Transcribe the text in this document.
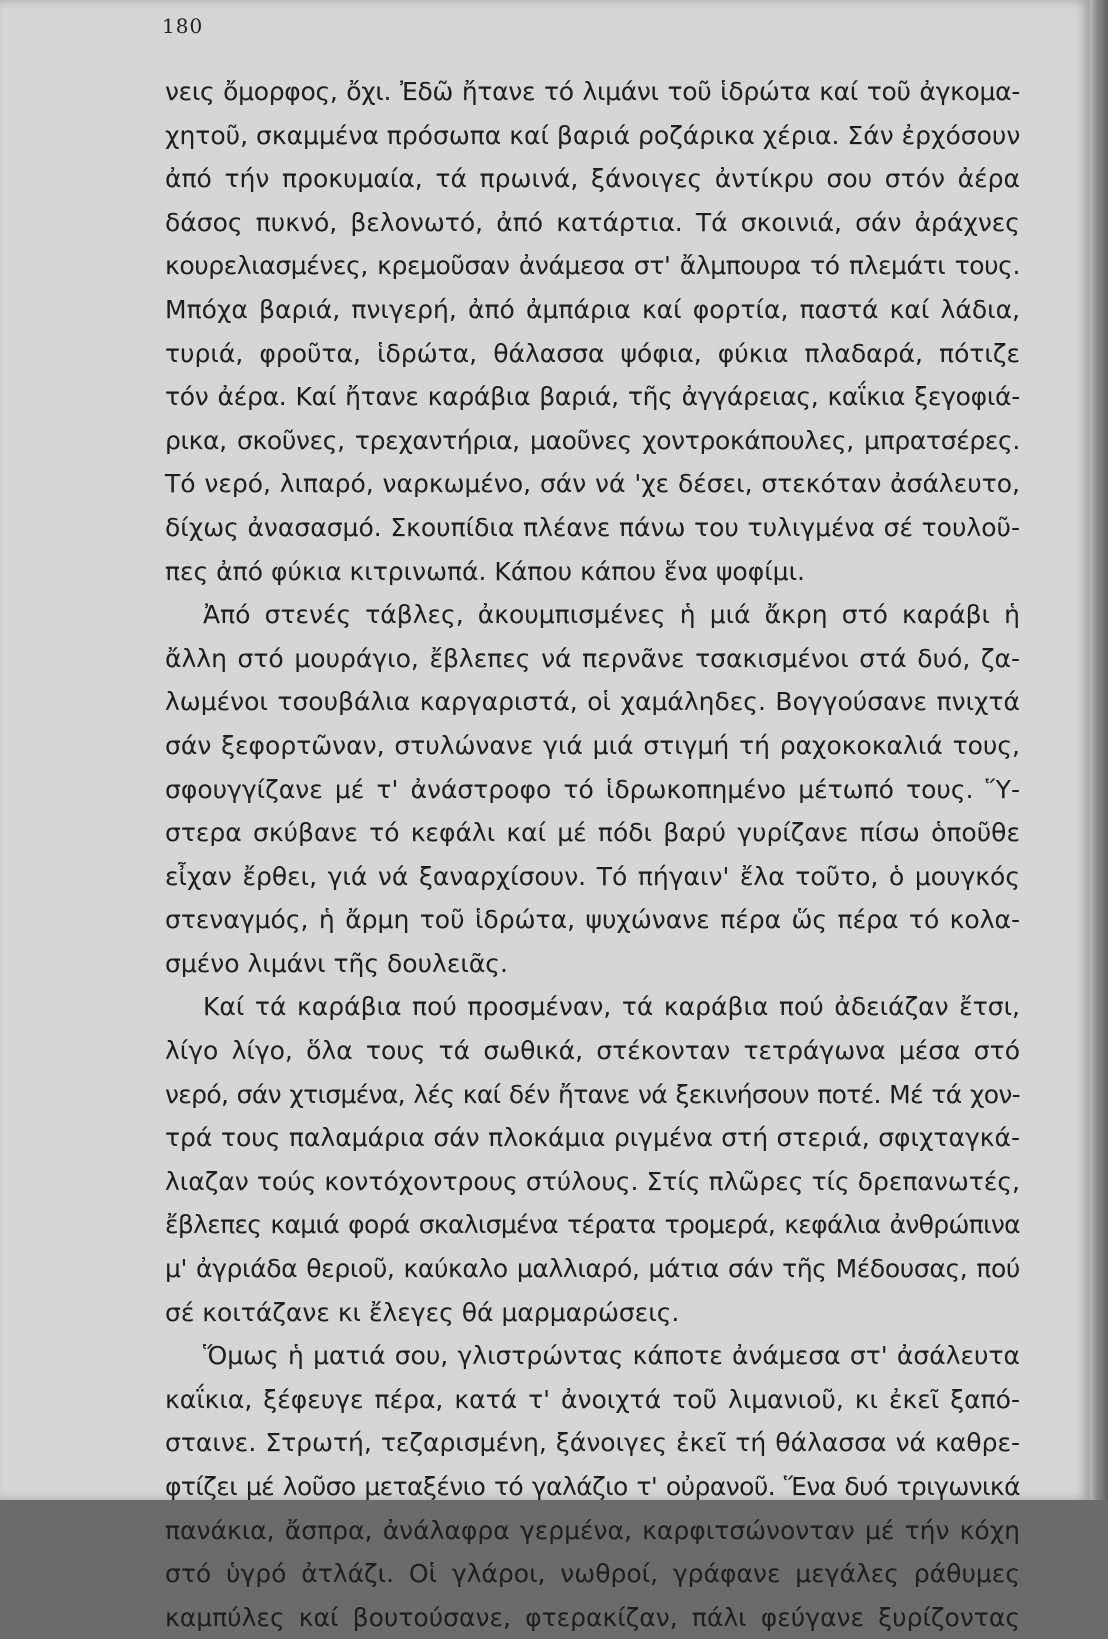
180
νεις ὄμορφος, ὄχι. Ἐδῶ ἤτανε τό λιμάνι τοῦ ἱδρώτα καί τοῦ ἀγκομα-
χητοῦ, σκαμμένα πρόσωπα καί βαριά ροζάρικα χέρια. Σάν ἐρχόσουν
ἀπό τήν προκυμαία, τά πρωινά, ξάνοιγες ἀντίκρυ σου στόν ἀέρα
δάσος πυκνό, βελονωτό, ἀπό κατάρτια. Τά σκοινιά, σάν ἀράχνες
κουρελιασμένες, κρεμοῦσαν ἀνάμεσα στ' ἄλμπουρα τό πλεμάτι τους.
Μπόχα βαριά, πνιγερή, ἀπό ἀμπάρια καί φορτία, παστά καί λάδια,
τυριά, φροῦτα, ἱδρώτα, θάλασσα ψόφια, φύκια πλαδαρά, πότιζε
τόν ἀέρα. Καί ἤτανε καράβια βαριά, τῆς ἀγγάρειας, καΐκια ξεγοφιά-
ρικα, σκοῦνες, τρεχαντήρια, μαοῦνες χοντροκάπουλες, μπρατσέρες.
Τό νερό, λιπαρό, ναρκωμένο, σάν νά 'χε δέσει, στεκόταν ἀσάλευτο,
δίχως ἀνασασμό. Σκουπίδια πλέανε πάνω του τυλιγμένα σέ τουλοῦ-
πες ἀπό φύκια κιτρινωπά. Κάπου κάπου ἕνα ψοφίμι.
Ἀπό στενές τάβλες, ἀκουμπισμένες ἡ μιά ἄκρη στό καράβι ἡ
ἄλλη στό μουράγιο, ἔβλεπες νά περνᾶνε τσακισμένοι στά δυό, ζα-
λωμένοι τσουβάλια καργαριστά, οἱ χαμάληδες. Βογγούσανε πνιχτά
σάν ξεφορτῶναν, στυλώνανε γιά μιά στιγμή τή ραχοκοκαλιά τους,
σφουγγίζανε μέ τ' ἀνάστροφο τό ἱδρωκοπημένο μέτωπό τους. Ὕ-
στερα σκύβανε τό κεφάλι καί μέ πόδι βαρύ γυρίζανε πίσω ὁποῦθε
εἶχαν ἔρθει, γιά νά ξαναρχίσουν. Τό πήγαιν' ἔλα τοῦτο, ὁ μουγκός
στεναγμός, ἡ ἄρμη τοῦ ἱδρώτα, ψυχώνανε πέρα ὥς πέρα τό κολα-
σμένο λιμάνι τῆς δουλειᾶς.
Καί τά καράβια πού προσμέναν, τά καράβια πού ἀδειάζαν ἔτσι,
λίγο λίγο, ὅλα τους τά σωθικά, στέκονταν τετράγωνα μέσα στό
νερό, σάν χτισμένα, λές καί δέν ἤτανε νά ξεκινήσουν ποτέ. Μέ τά χον-
τρά τους παλαμάρια σάν πλοκάμια ριγμένα στή στεριά, σφιχταγκά-
λιαζαν τούς κοντόχοντρους στύλους. Στίς πλῶρες τίς δρεπανωτές,
ἔβλεπες καμιά φορά σκαλισμένα τέρατα τρομερά, κεφάλια ἀνθρώπινα
μ' ἀγριάδα θεριοῦ, καύκαλο μαλλιαρό, μάτια σάν τῆς Μέδουσας, πού
σέ κοιτάζανε κι ἔλεγες θά μαρμαρώσεις.
Ὅμως ἡ ματιά σου, γλιστρώντας κάποτε ἀνάμεσα στ' ἀσάλευτα
καΐκια, ξέφευγε πέρα, κατά τ' ἀνοιχτά τοῦ λιμανιοῦ, κι ἐκεῖ ξαπό-
σταινε. Στρωτή, τεζαρισμένη, ξάνοιγες ἐκεῖ τή θάλασσα νά καθρε-
φτίζει μέ λοῦσο μεταξένιο τό γαλάζιο τ' οὐρανοῦ. Ἕνα δυό τριγωνικά
πανάκια, ἄσπρα, ἀνάλαφρα γερμένα, καρφιτσώνονταν μέ τήν κόχη
στό ὑγρό ἀτλάζι. Οἱ γλάροι, νωθροί, γράφανε μεγάλες ράθυμες
καμπύλες καί βουτούσανε, φτερακίζαν, πάλι φεύγανε ξυρίζοντας
